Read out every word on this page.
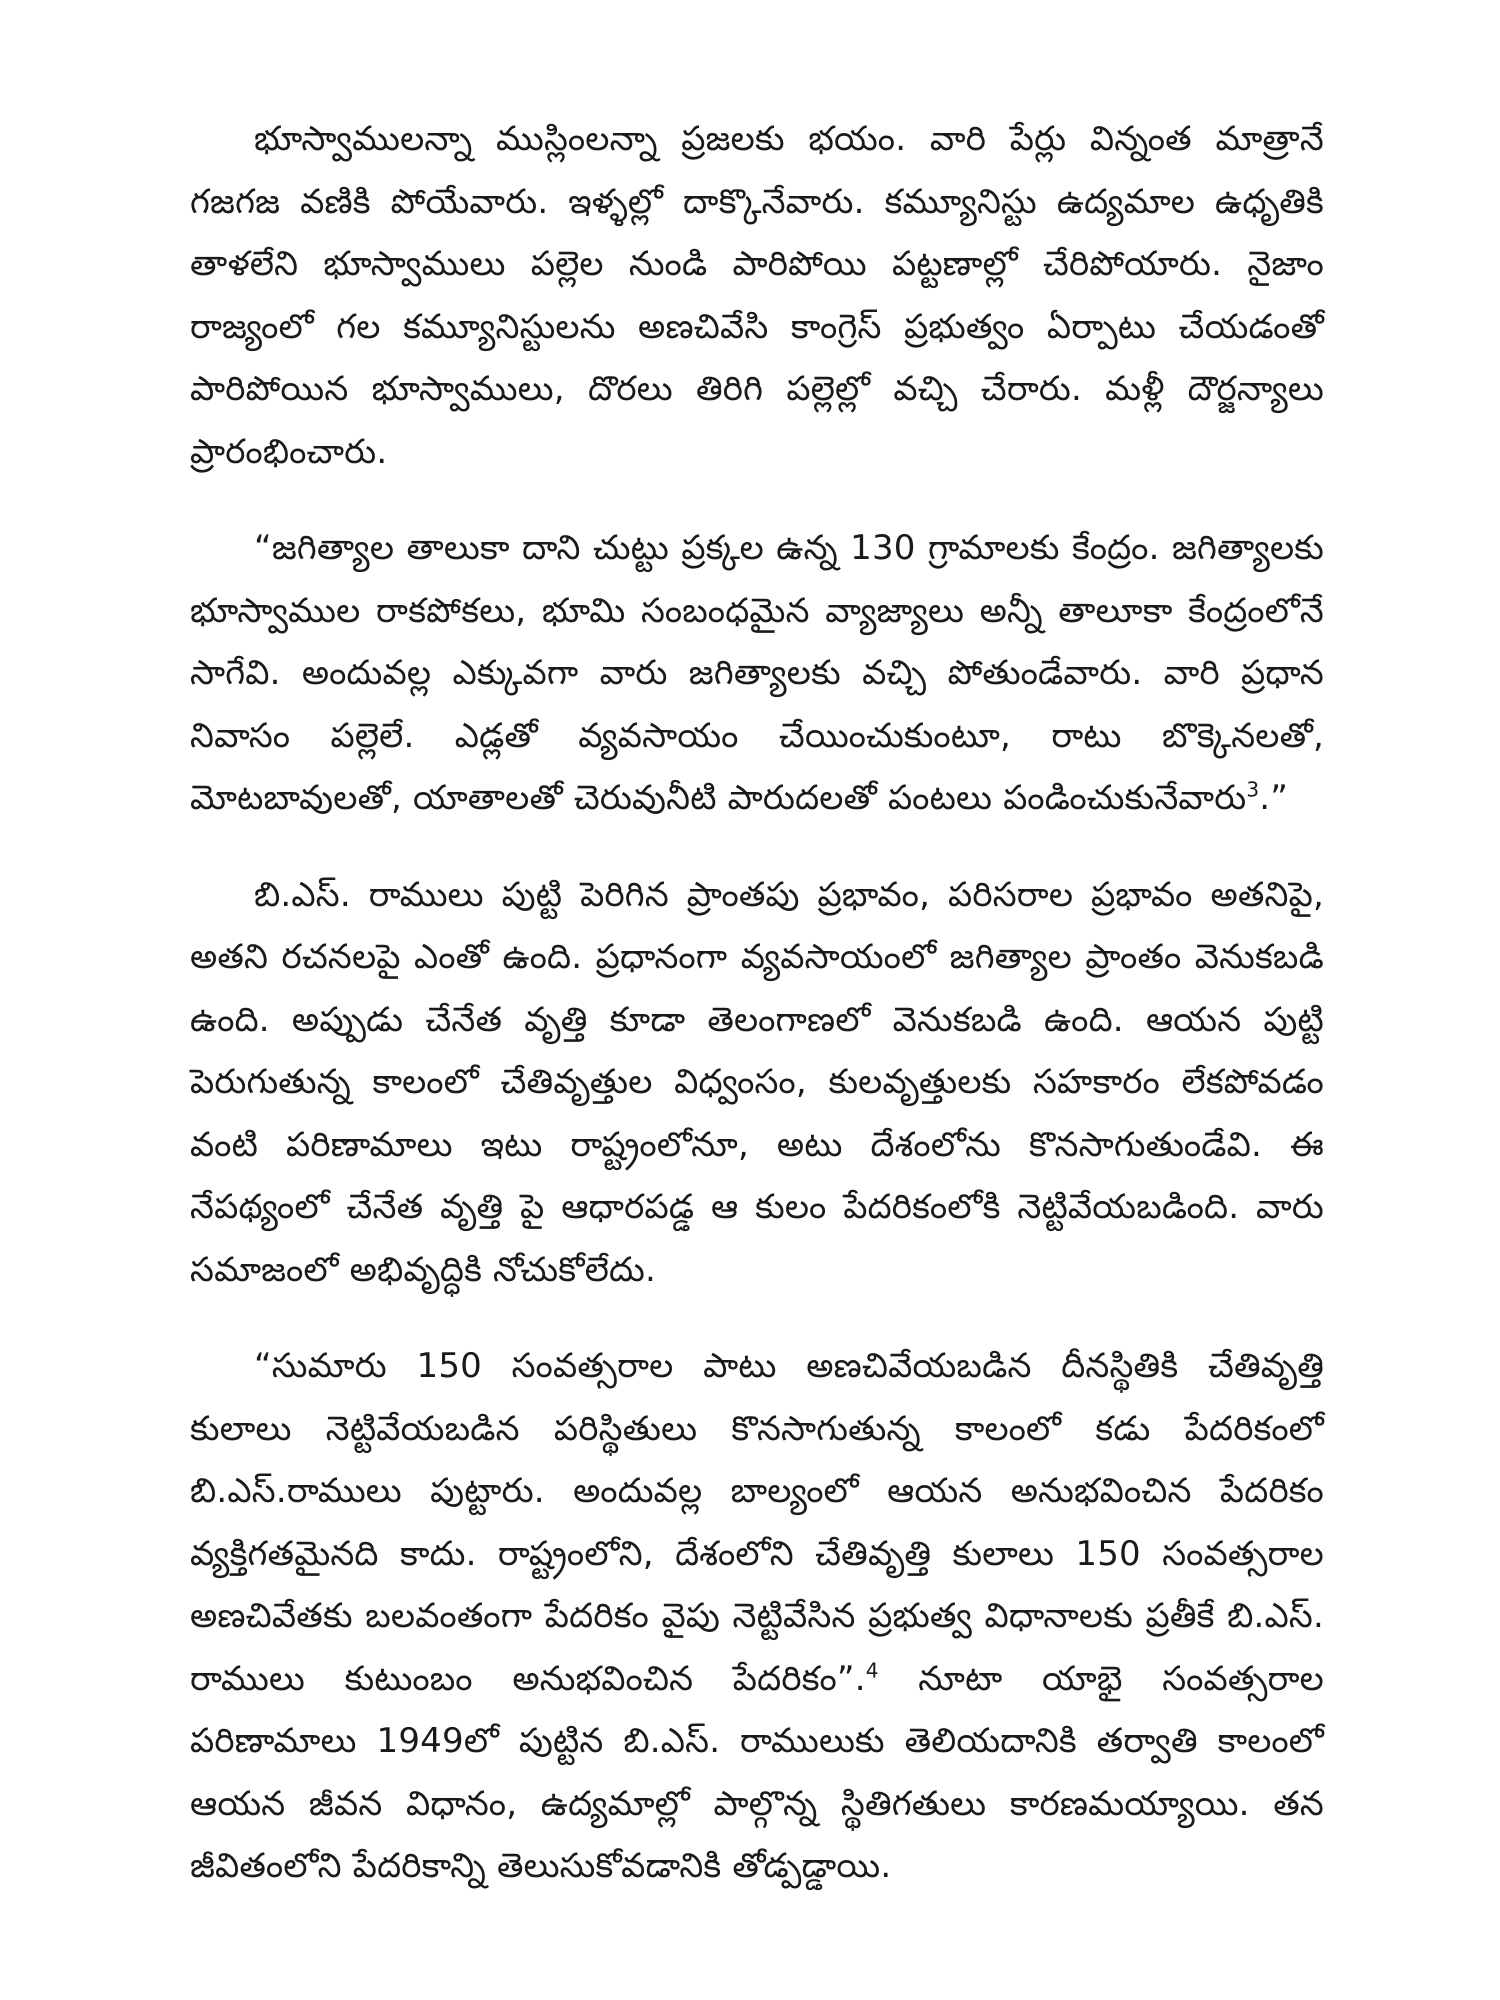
భూస్వాములన్నా ముస్లింలన్నా ప్రజలకు భయం. వారి పేర్లు విన్నంత మాత్రానే గజగజ వణికి పోయేవారు. ఇళ్ళల్లో దాక్కొనేవారు. కమ్యూనిస్టు ఉద్యమాల ఉధృతికి తాళలేని భూస్వాములు పల్లెల నుండి పారిపోయి పట్టణాల్లో చేరిపోయారు. నైజాం రాజ్యంలో గల కమ్యూనిస్టులను అణచివేసి కాంగ్రెస్ ప్రభుత్వం ఏర్పాటు చేయడంతో పారిపోయిన భూస్వాములు, దొరలు తిరిగి పల్లెల్లో వచ్చి చేరారు. మళ్లీ దౌర్జన్యాలు ప్రారంభించారు.

“జగిత్యాల తాలుకా దాని చుట్టు ప్రక్కల ఉన్న 130 గ్రామాలకు కేంద్రం. జగిత్యాలకు భూస్వాముల రాకపోకలు, భూమి సంబంధమైన వ్యాజ్యాలు అన్నీ తాలూకా కేంద్రంలోనే సాగేవి. అందువల్ల ఎక్కువగా వారు జగిత్యాలకు వచ్చి పోతుండేవారు. వారి ప్రధాన నివాసం పల్లెలే. ఎడ్లతో వ్యవసాయం చేయించుకుంటూ, రాటు బొక్కెనలతో, మోటబావులతో, యాతాలతో చెరువునీటి పారుదలతో పంటలు పండించుకునేవారు$^3$.”

బి.ఎస్. రాములు పుట్టి పెరిగిన ప్రాంతపు ప్రభావం, పరిసరాల ప్రభావం అతనిపై, అతని రచనలపై ఎంతో ఉంది. ప్రధానంగా వ్యవసాయంలో జగిత్యాల ప్రాంతం వెనుకబడి ఉంది. అప్పుడు చేనేత వృత్తి కూడా తెలంగాణలో వెనుకబడి ఉంది. ఆయన పుట్టి పెరుగుతున్న కాలంలో చేతివృత్తుల విధ్వంసం, కులవృత్తులకు సహకారం లేకపోవడం వంటి పరిణామాలు ఇటు రాష్ట్రంలోనూ, అటు దేశంలోను కొనసాగుతుండేవి. ఈ నేపథ్యంలో చేనేత వృత్తి పై ఆధారపడ్డ ఆ కులం పేదరికంలోకి నెట్టివేయబడింది. వారు సమాజంలో అభివృద్ధికి నోచుకోలేదు.

“సుమారు 150 సంవత్సరాల పాటు అణచివేయబడిన దీనస్థితికి చేతివృత్తి కులాలు నెట్టివేయబడిన పరిస్థితులు కొనసాగుతున్న కాలంలో కడు పేదరికంలో బి.ఎస్.రాములు పుట్టారు. అందువల్ల బాల్యంలో ఆయన అనుభవించిన పేదరికం వ్యక్తిగతమైనది కాదు. రాష్ట్రంలోని, దేశంలోని చేతివృత్తి కులాలు 150 సంవత్సరాల అణచివేతకు బలవంతంగా పేదరికం వైపు నెట్టివేసిన ప్రభుత్వ విధానాలకు ప్రతీకే బి.ఎస్. రాములు కుటుంబం అనుభవించిన పేదరికం”.$^4$ నూటా యాభై సంవత్సరాల పరిణామాలు 1949లో పుట్టిన బి.ఎస్. రాములుకు తెలియదానికి తర్వాతి కాలంలో ఆయన జీవన విధానం, ఉద్యమాల్లో పాల్గొన్న స్థితిగతులు కారణమయ్యాయి. తన జీవితంలోని పేదరికాన్ని తెలుసుకోవడానికి తోడ్పడ్డాయి.
